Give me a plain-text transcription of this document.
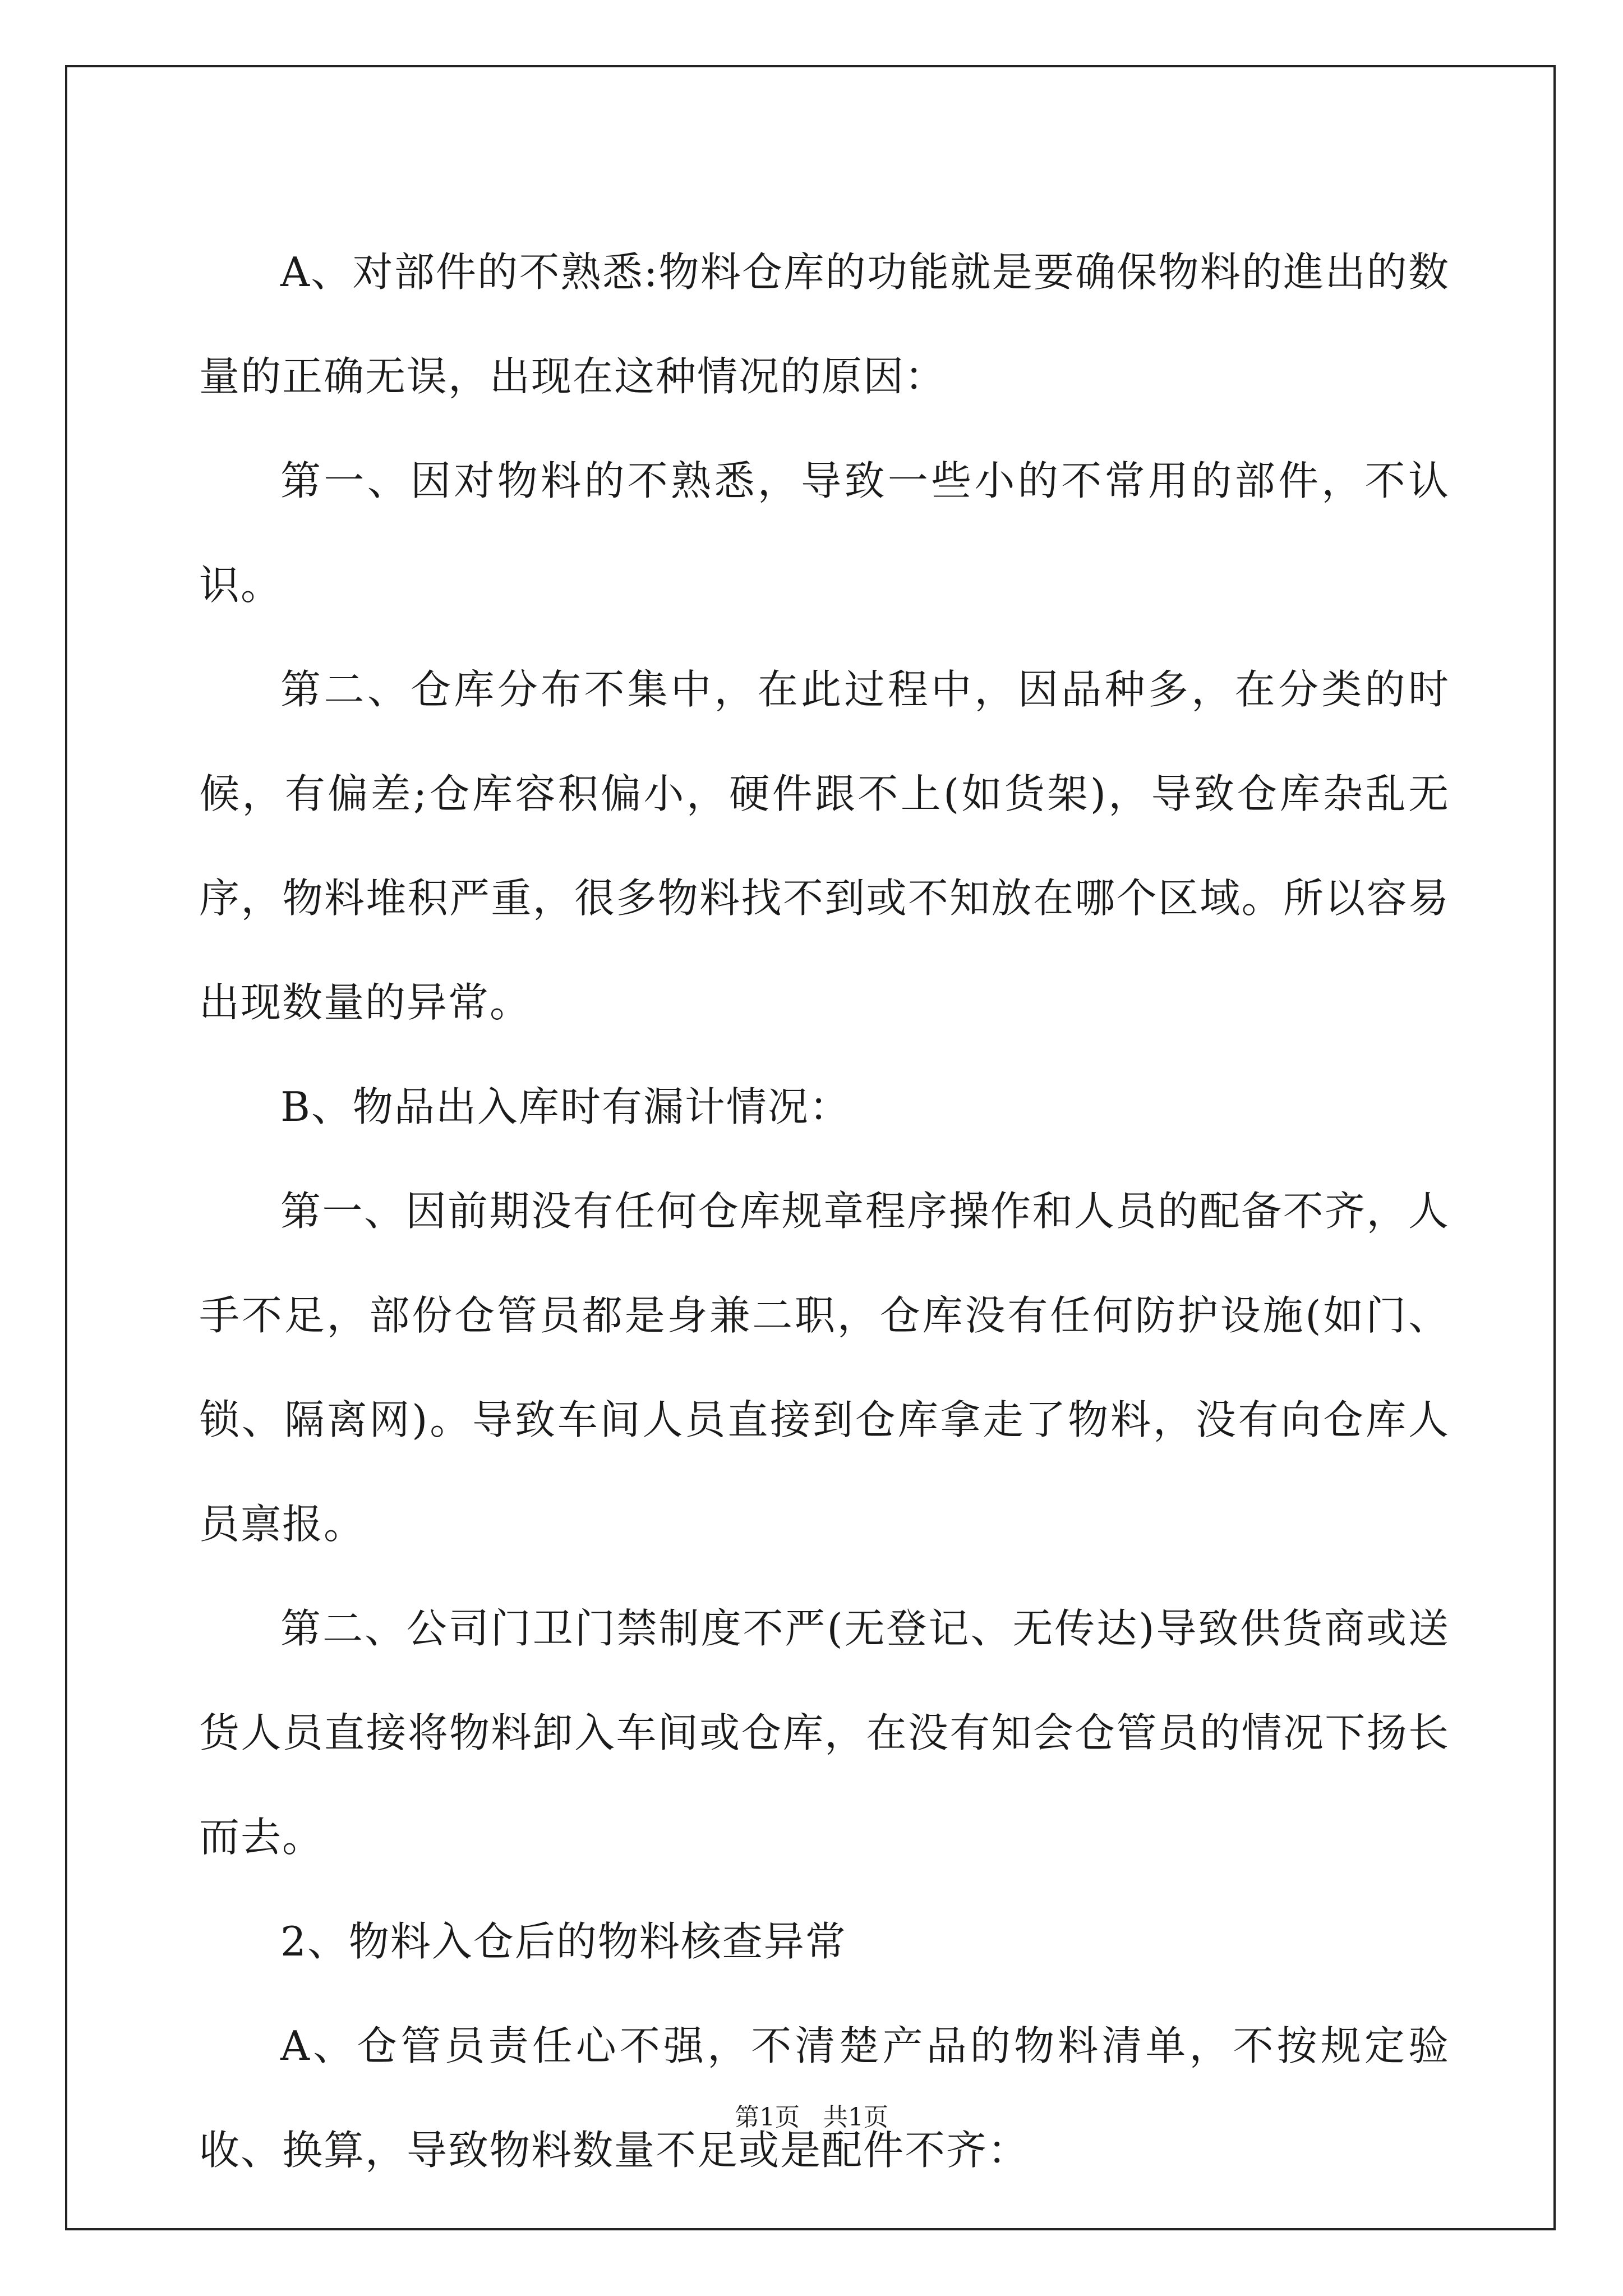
A、对部件的不熟悉:物料仓库的功能就是要确保物料的進出的数量的正确无误，出现在这种情况的原因：

第一、因对物料的不熟悉，导致一些小的不常用的部件，不认识。

第二、仓库分布不集中，在此过程中，因品种多，在分类的时候，有偏差;仓库容积偏小，硬件跟不上(如货架)，导致仓库杂乱无序，物料堆积严重，很多物料找不到或不知放在哪个区域。所以容易出现数量的异常。

B、物品出入库时有漏计情况：

第一、因前期没有任何仓库规章程序操作和人员的配备不齐，人手不足，部份仓管员都是身兼二职，仓库没有任何防护设施(如门、锁、隔离网)。导致车间人员直接到仓库拿走了物料，没有向仓库人员禀报。

第二、公司门卫门禁制度不严(无登记、无传达)导致供货商或送货人员直接将物料卸入车间或仓库，在没有知会仓管员的情况下扬长而去。

2、物料入仓后的物料核查异常

A、仓管员责任心不强，不清楚产品的物料清单，不按规定验收、换算，导致物料数量不足或是配件不齐：

第1页 共1页
